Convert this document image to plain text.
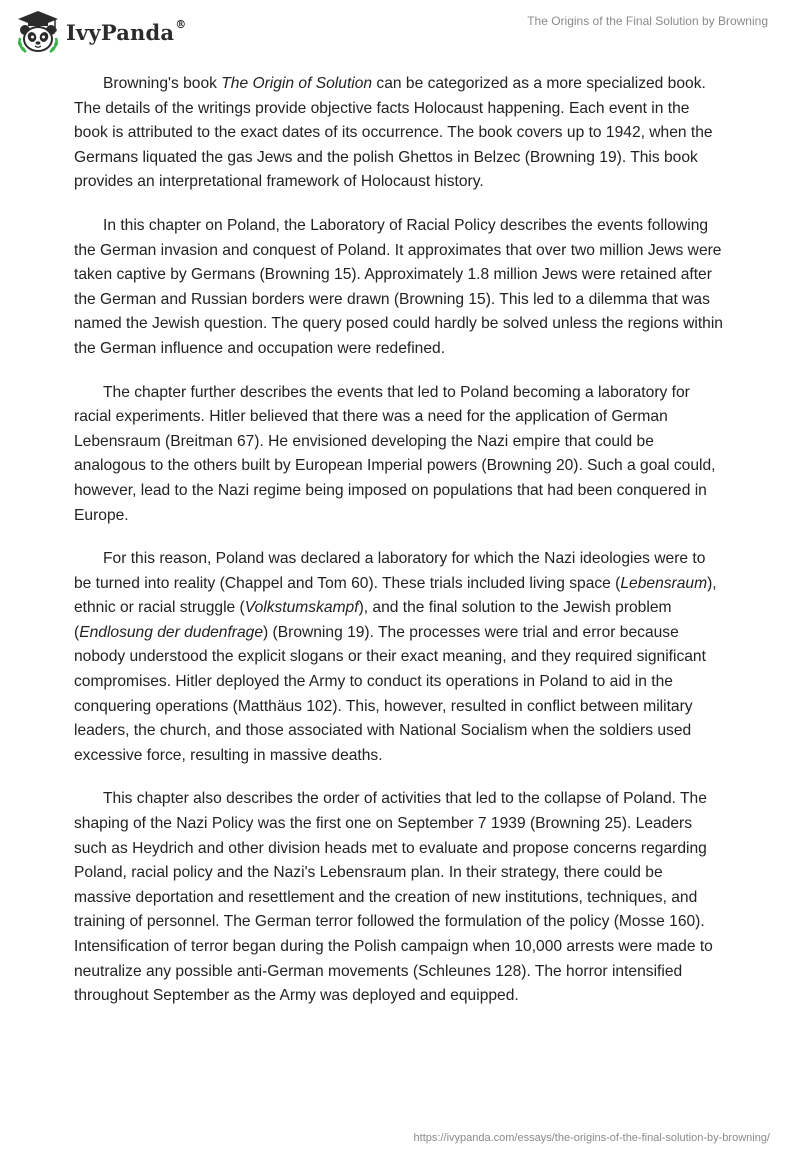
IvyPanda®	The Origins of the Final Solution by Browning

Browning's book The Origin of Solution can be categorized as a more specialized book. The details of the writings provide objective facts Holocaust happening. Each event in the book is attributed to the exact dates of its occurrence. The book covers up to 1942, when the Germans liquated the gas Jews and the polish Ghettos in Belzec (Browning 19). This book provides an interpretational framework of Holocaust history.

In this chapter on Poland, the Laboratory of Racial Policy describes the events following the German invasion and conquest of Poland. It approximates that over two million Jews were taken captive by Germans (Browning 15). Approximately 1.8 million Jews were retained after the German and Russian borders were drawn (Browning 15). This led to a dilemma that was named the Jewish question. The query posed could hardly be solved unless the regions within the German influence and occupation were redefined.

The chapter further describes the events that led to Poland becoming a laboratory for racial experiments. Hitler believed that there was a need for the application of German Lebensraum (Breitman 67). He envisioned developing the Nazi empire that could be analogous to the others built by European Imperial powers (Browning 20). Such a goal could, however, lead to the Nazi regime being imposed on populations that had been conquered in Europe.

For this reason, Poland was declared a laboratory for which the Nazi ideologies were to be turned into reality (Chappel and Tom 60). These trials included living space (Lebensraum), ethnic or racial struggle (Volkstumskampf), and the final solution to the Jewish problem (Endlosung der dudenfrage) (Browning 19). The processes were trial and error because nobody understood the explicit slogans or their exact meaning, and they required significant compromises. Hitler deployed the Army to conduct its operations in Poland to aid in the conquering operations (Matthäus 102). This, however, resulted in conflict between military leaders, the church, and those associated with National Socialism when the soldiers used excessive force, resulting in massive deaths.

This chapter also describes the order of activities that led to the collapse of Poland. The shaping of the Nazi Policy was the first one on September 7 1939 (Browning 25). Leaders such as Heydrich and other division heads met to evaluate and propose concerns regarding Poland, racial policy and the Nazi's Lebensraum plan. In their strategy, there could be massive deportation and resettlement and the creation of new institutions, techniques, and training of personnel. The German terror followed the formulation of the policy (Mosse 160). Intensification of terror began during the Polish campaign when 10,000 arrests were made to neutralize any possible anti-German movements (Schleunes 128). The horror intensified throughout September as the Army was deployed and equipped.

https://ivypanda.com/essays/the-origins-of-the-final-solution-by-browning/
